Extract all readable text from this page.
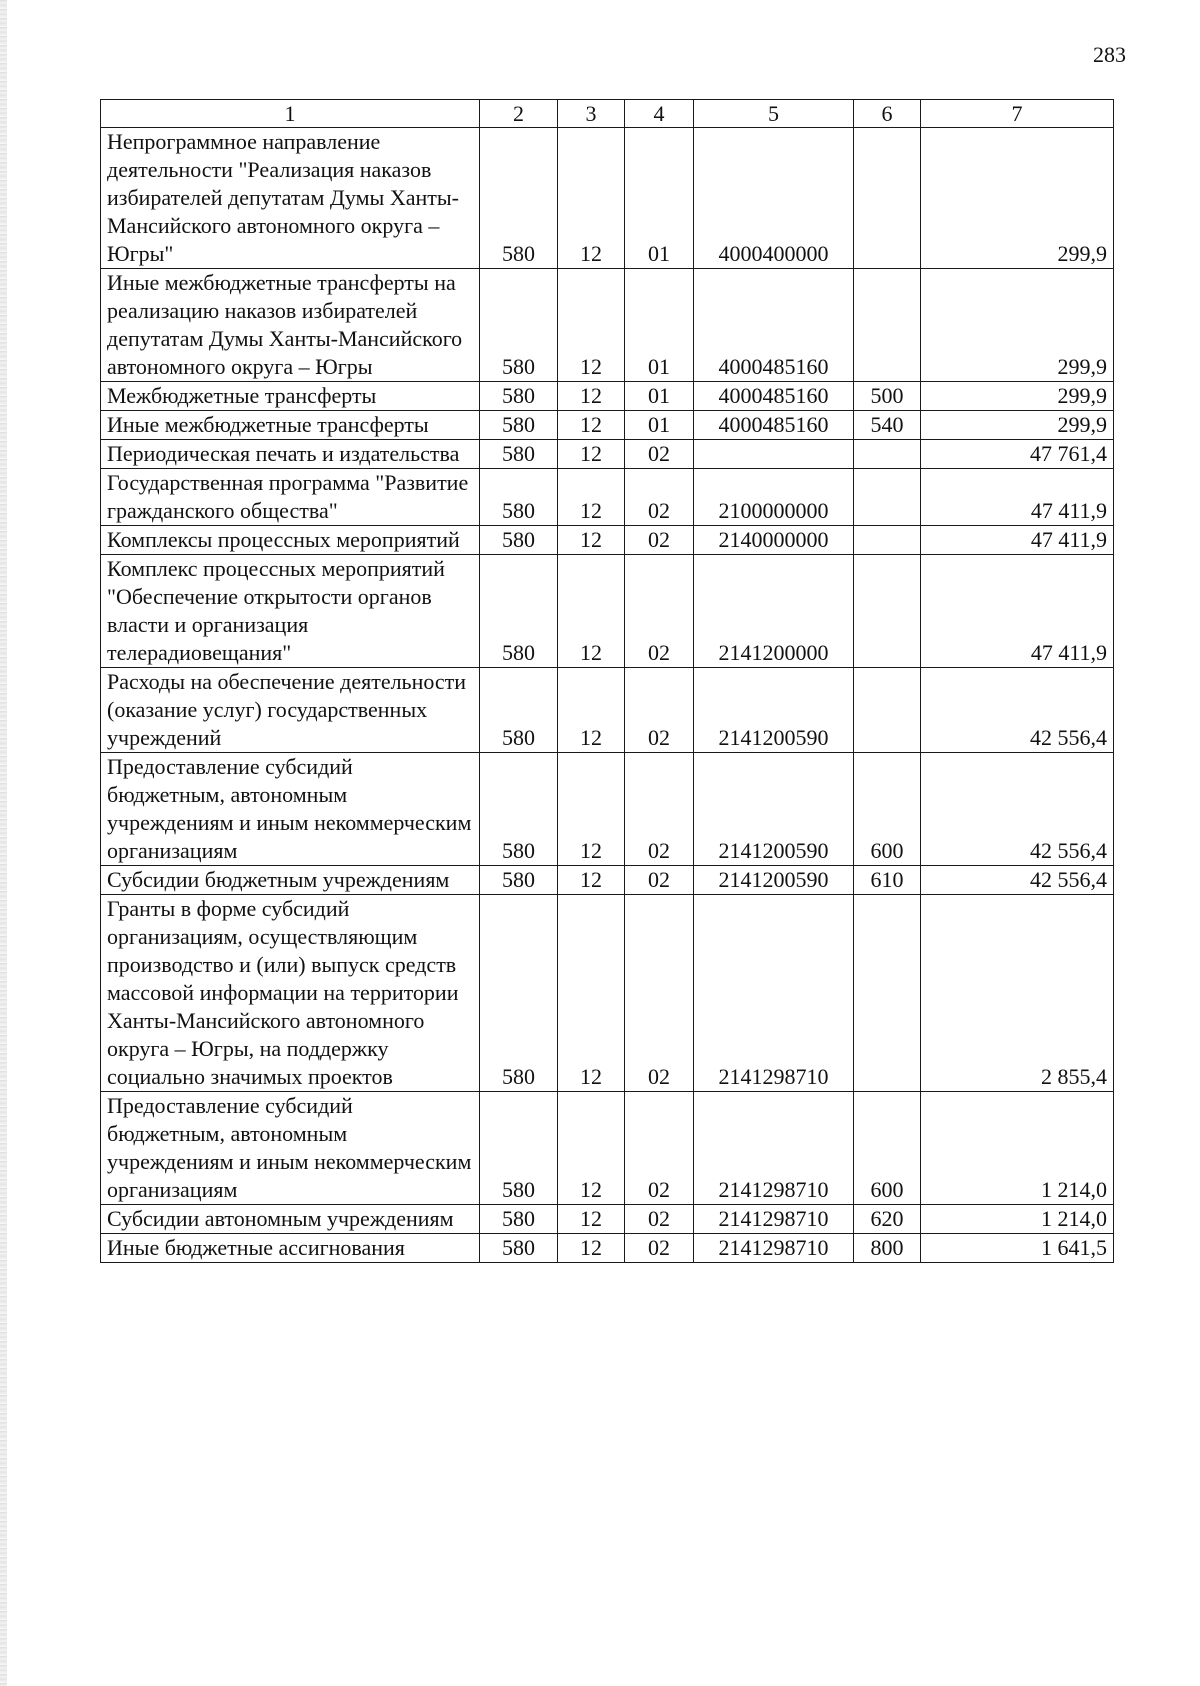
283
1	2	3	4	5	6	7
Непрограммное направление деятельности "Реализация наказов избирателей депутатам Думы Ханты-Мансийского автономного округа – Югры"	580	12	01	4000400000		299,9
Иные межбюджетные трансферты на реализацию наказов избирателей депутатам Думы Ханты-Мансийского автономного округа – Югры	580	12	01	4000485160		299,9
Межбюджетные трансферты	580	12	01	4000485160	500	299,9
Иные межбюджетные трансферты	580	12	01	4000485160	540	299,9
Периодическая печать и издательства	580	12	02			47 761,4
Государственная программа "Развитие гражданского общества"	580	12	02	2100000000		47 411,9
Комплексы процессных мероприятий	580	12	02	2140000000		47 411,9
Комплекс процессных мероприятий "Обеспечение открытости органов власти и организация телерадиовещания"	580	12	02	2141200000		47 411,9
Расходы на обеспечение деятельности (оказание услуг) государственных учреждений	580	12	02	2141200590		42 556,4
Предоставление субсидий бюджетным, автономным учреждениям и иным некоммерческим организациям	580	12	02	2141200590	600	42 556,4
Субсидии бюджетным учреждениям	580	12	02	2141200590	610	42 556,4
Гранты в форме субсидий организациям, осуществляющим производство и (или) выпуск средств массовой информации на территории Ханты-Мансийского автономного округа – Югры, на поддержку социально значимых проектов	580	12	02	2141298710		2 855,4
Предоставление субсидий бюджетным, автономным учреждениям и иным некоммерческим организациям	580	12	02	2141298710	600	1 214,0
Субсидии автономным учреждениям	580	12	02	2141298710	620	1 214,0
Иные бюджетные ассигнования	580	12	02	2141298710	800	1 641,5
